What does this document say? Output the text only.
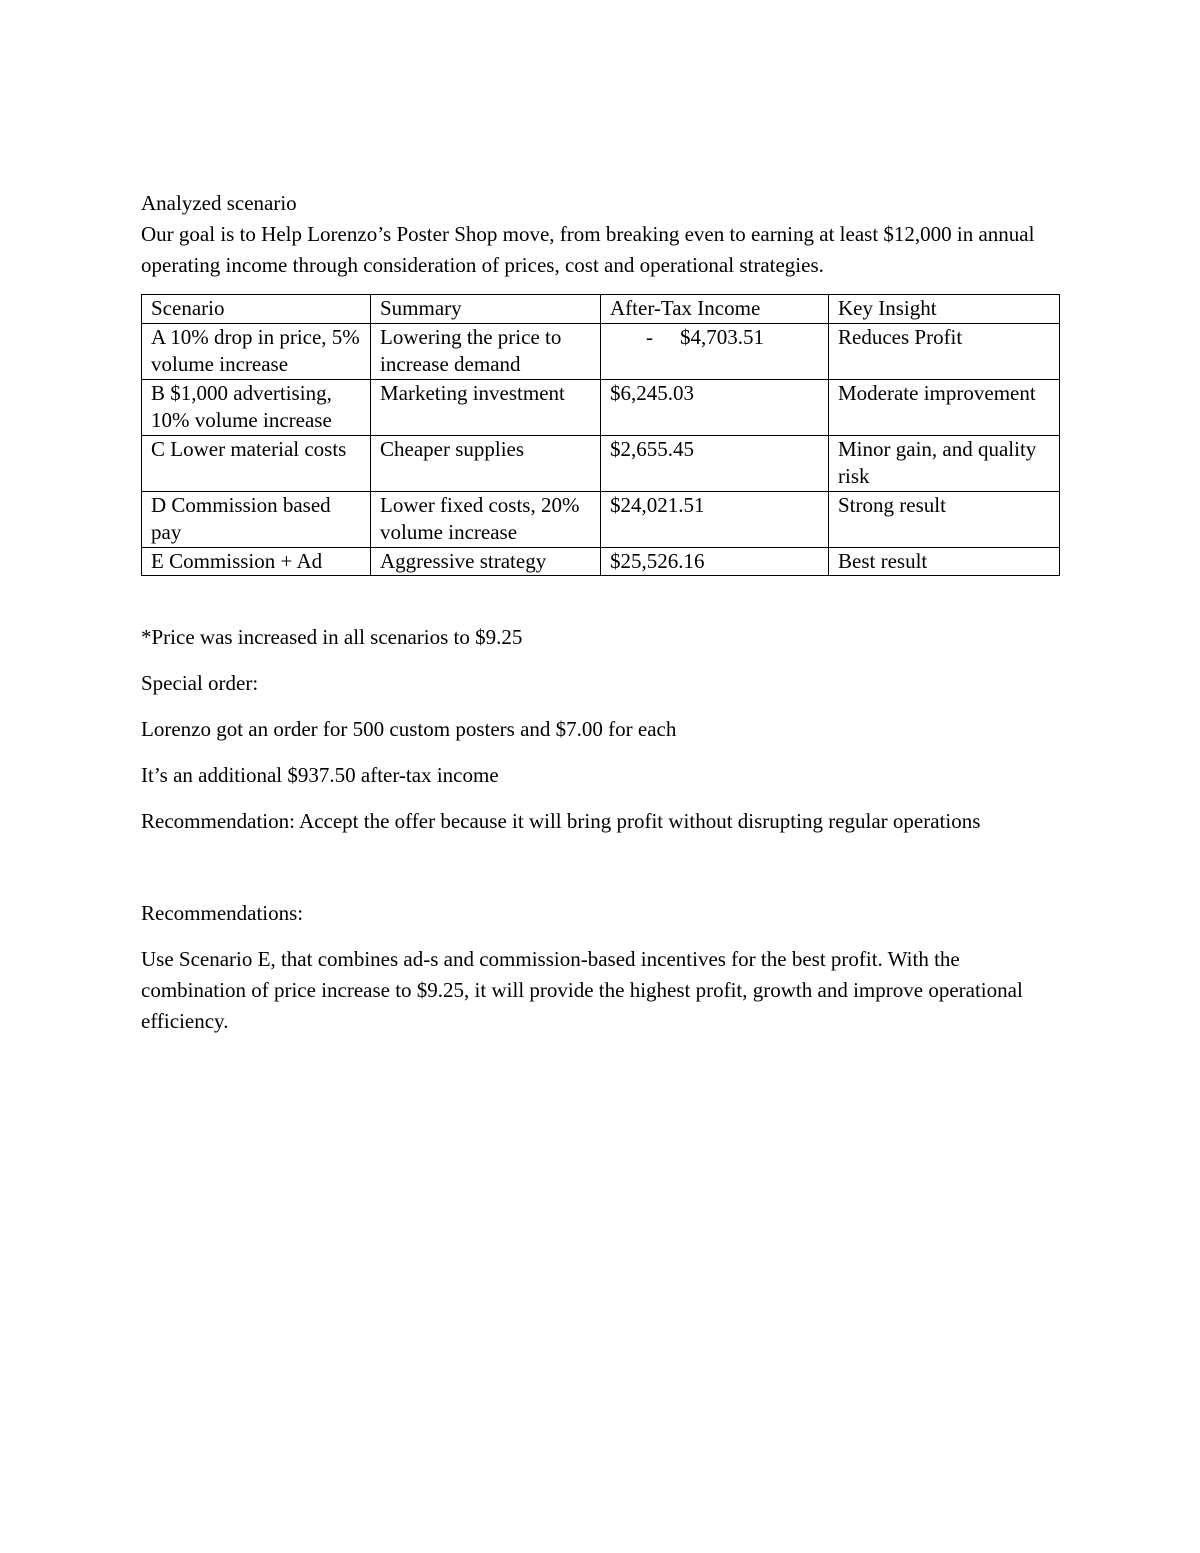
Analyzed scenario

Our goal is to Help Lorenzo’s Poster Shop move, from breaking even to earning at least $12,000 in annual operating income through consideration of prices, cost and operational strategies.

Scenario	Summary	After-Tax Income	Key Insight
A 10% drop in price, 5% volume increase	Lowering the price to increase demand	- $4,703.51	Reduces Profit
B $1,000 advertising, 10% volume increase	Marketing investment	$6,245.03	Moderate improvement
C Lower material costs	Cheaper supplies	$2,655.45	Minor gain, and quality risk
D Commission based pay	Lower fixed costs, 20% volume increase	$24,021.51	Strong result
E Commission + Ad	Aggressive strategy	$25,526.16	Best result

*Price was increased in all scenarios to $9.25

Special order:

Lorenzo got an order for 500 custom posters and $7.00 for each

It’s an additional $937.50 after-tax income

Recommendation: Accept the offer because it will bring profit without disrupting regular operations

Recommendations:

Use Scenario E, that combines ad-s and commission-based incentives for the best profit. With the combination of price increase to $9.25, it will provide the highest profit, growth and improve operational efficiency.
